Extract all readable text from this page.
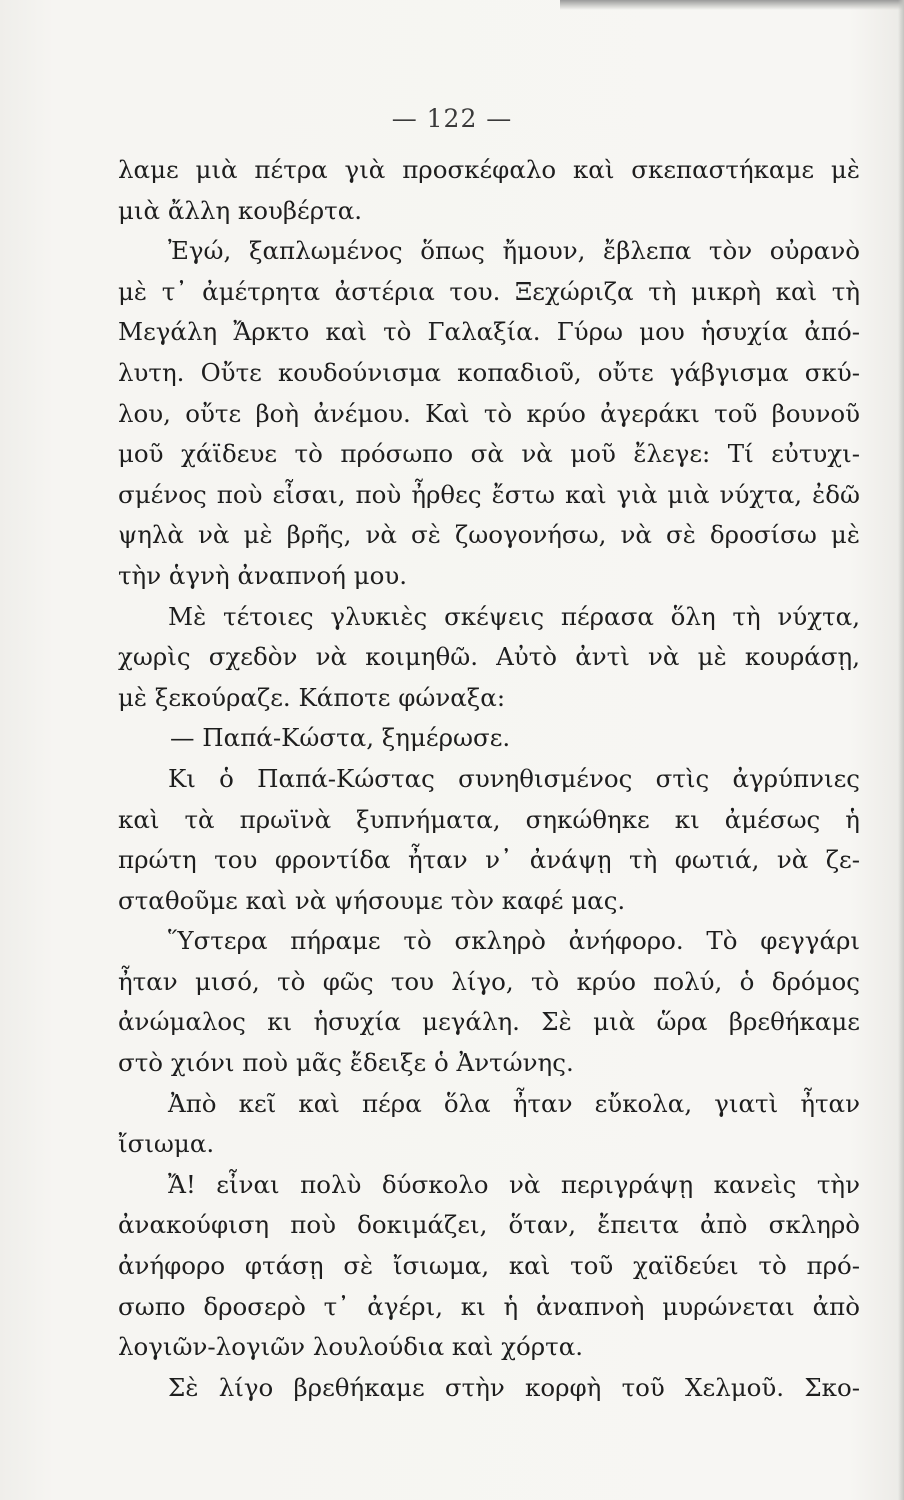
— 122 —
λαμε μιὰ πέτρα γιὰ προσκέφαλο καὶ σκεπαστήκαμε μὲ
μιὰ ἄλλη κουβέρτα.
Ἐγώ, ξαπλωμένος ὅπως ἤμουν, ἔβλεπα τὸν οὐρανὸ
μὲ τ᾽ ἀμέτρητα ἀστέρια του. Ξεχώριζα τὴ μικρὴ καὶ τὴ
Μεγάλη Ἄρκτο καὶ τὸ Γαλαξία. Γύρω μου ἡσυχία ἀπό-
λυτη. Οὔτε κουδούνισμα κοπαδιοῦ, οὔτε γάβγισμα σκύ-
λου, οὔτε βοὴ ἀνέμου. Καὶ τὸ κρύο ἀγεράκι τοῦ βουνοῦ
μοῦ χάϊδευε τὸ πρόσωπο σὰ νὰ μοῦ ἔλεγε: Τί εὐτυχι-
σμένος ποὺ εἶσαι, ποὺ ἦρθες ἔστω καὶ γιὰ μιὰ νύχτα, ἐδῶ
ψηλὰ νὰ μὲ βρῆς, νὰ σὲ ζωογονήσω, νὰ σὲ δροσίσω μὲ
τὴν ἁγνὴ ἀναπνοή μου.
Μὲ τέτοιες γλυκιὲς σκέψεις πέρασα ὅλη τὴ νύχτα,
χωρὶς σχεδὸν νὰ κοιμηθῶ. Αὐτὸ ἀντὶ νὰ μὲ κουράσῃ,
μὲ ξεκούραζε. Κάποτε φώναξα:
— Παπά-Κώστα, ξημέρωσε.
Κι ὁ Παπά-Κώστας συνηθισμένος στὶς ἀγρύπνιες
καὶ τὰ πρωϊνὰ ξυπνήματα, σηκώθηκε κι ἀμέσως ἡ
πρώτη του φροντίδα ἦταν ν᾽ ἀνάψῃ τὴ φωτιά, νὰ ζε-
σταθοῦμε καὶ νὰ ψήσουμε τὸν καφέ μας.
Ὕστερα πήραμε τὸ σκληρὸ ἀνήφορο. Τὸ φεγγάρι
ἦταν μισό, τὸ φῶς του λίγο, τὸ κρύο πολύ, ὁ δρόμος
ἀνώμαλος κι ἡσυχία μεγάλη. Σὲ μιὰ ὥρα βρεθήκαμε
στὸ χιόνι ποὺ μᾶς ἔδειξε ὁ Ἀντώνης.
Ἀπὸ κεῖ καὶ πέρα ὅλα ἦταν εὔκολα, γιατὶ ἦταν
ἴσιωμα.
Ἄ! εἶναι πολὺ δύσκολο νὰ περιγράψῃ κανεὶς τὴν
ἀνακούφιση ποὺ δοκιμάζει, ὅταν, ἔπειτα ἀπὸ σκληρὸ
ἀνήφορο φτάσῃ σὲ ἴσιωμα, καὶ τοῦ χαϊδεύει τὸ πρό-
σωπο δροσερὸ τ᾽ ἀγέρι, κι ἡ ἀναπνοὴ μυρώνεται ἀπὸ
λογιῶν-λογιῶν λουλούδια καὶ χόρτα.
Σὲ λίγο βρεθήκαμε στὴν κορφὴ τοῦ Χελμοῦ. Σκο-
